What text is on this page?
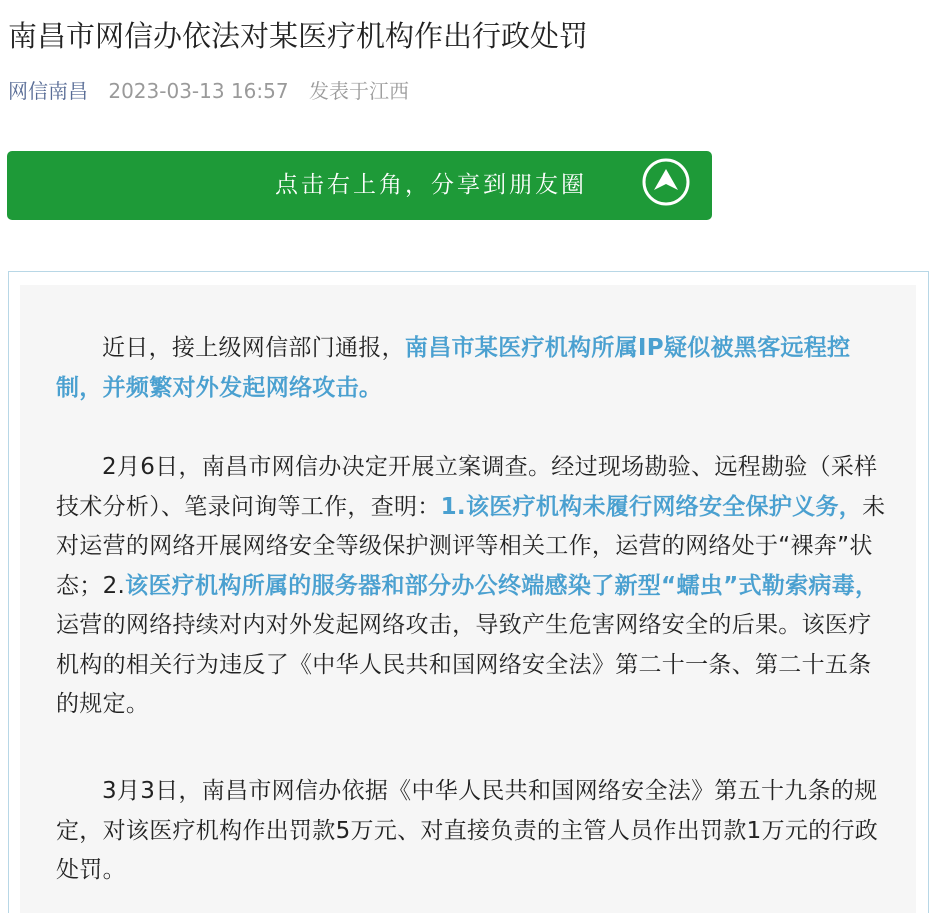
南昌市网信办依法对某医疗机构作出行政处罚
网信南昌 2023-03-13 16:57 发表于江西
点击右上角，分享到朋友圈

近日，接上级网信部门通报，南昌市某医疗机构所属IP疑似被黑客远程控制，并频繁对外发起网络攻击。

2月6日，南昌市网信办决定开展立案调查。经过现场勘验、远程勘验（采样技术分析）、笔录问询等工作，查明：1.该医疗机构未履行网络安全保护义务，未对运营的网络开展网络安全等级保护测评等相关工作，运营的网络处于“裸奔”状态；2.该医疗机构所属的服务器和部分办公终端感染了新型“蠕虫”式勒索病毒，运营的网络持续对内对外发起网络攻击，导致产生危害网络安全的后果。该医疗机构的相关行为违反了《中华人民共和国网络安全法》第二十一条、第二十五条的规定。

3月3日，南昌市网信办依据《中华人民共和国网络安全法》第五十九条的规定，对该医疗机构作出罚款5万元、对直接负责的主管人员作出罚款1万元的行政处罚。
